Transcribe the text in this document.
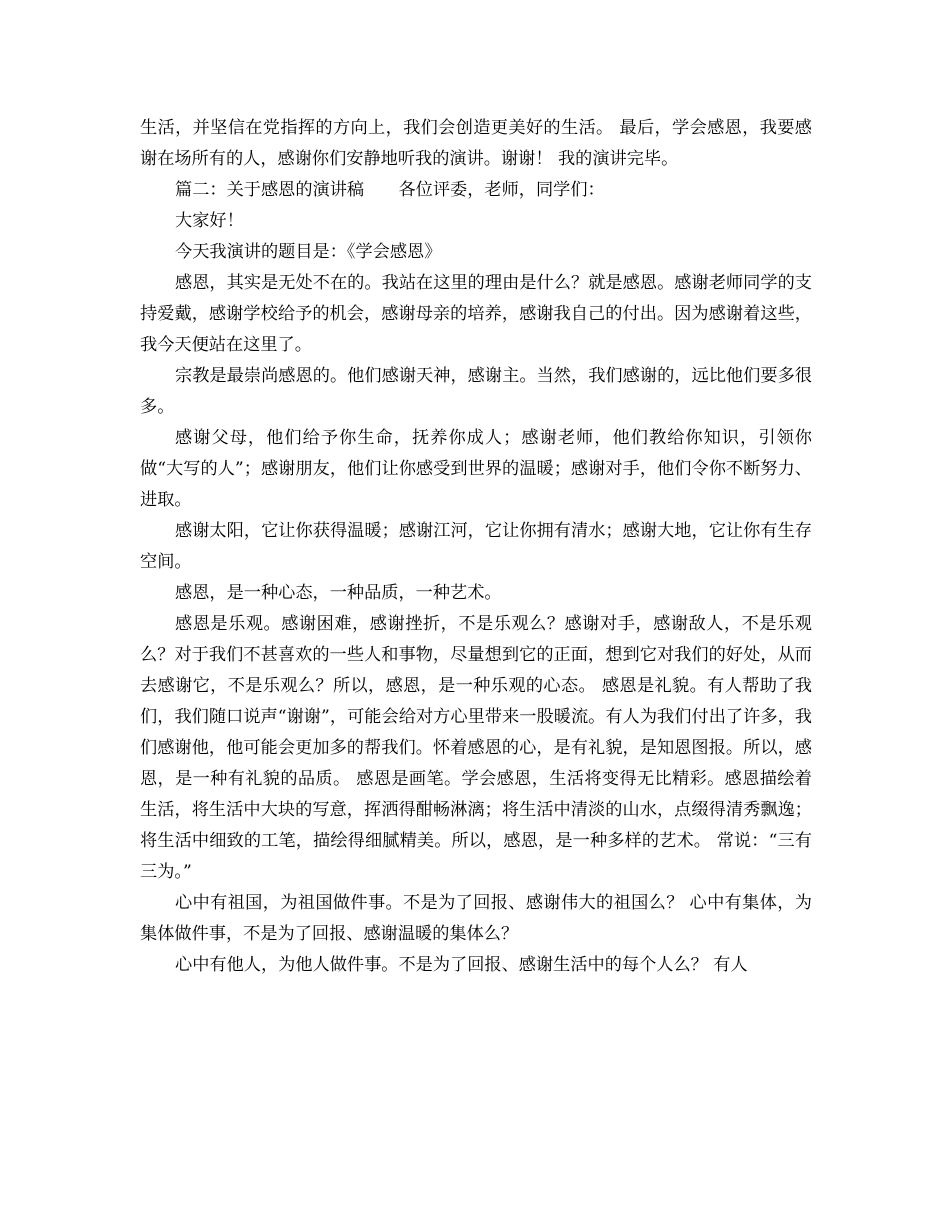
生活，并坚信在党指挥的方向上，我们会创造更美好的生活。 最后，学会感恩，我要感谢在场所有的人，感谢你们安静地听我的演讲。谢谢！ 我的演讲完毕。

篇二：关于感恩的演讲稿　　各位评委，老师，同学们：

大家好！

今天我演讲的题目是：《学会感恩》

感恩，其实是无处不在的。我站在这里的理由是什么？就是感恩。感谢老师同学的支持爱戴，感谢学校给予的机会，感谢母亲的培养，感谢我自己的付出。因为感谢着这些，我今天便站在这里了。

宗教是最崇尚感恩的。他们感谢天神，感谢主。当然，我们感谢的，远比他们要多很多。

感谢父母，他们给予你生命，抚养你成人；感谢老师，他们教给你知识，引领你做“大写的人”；感谢朋友，他们让你感受到世界的温暖；感谢对手，他们令你不断努力、进取。

感谢太阳，它让你获得温暖；感谢江河，它让你拥有清水；感谢大地，它让你有生存空间。

感恩，是一种心态，一种品质，一种艺术。

感恩是乐观。感谢困难，感谢挫折，不是乐观么？感谢对手，感谢敌人，不是乐观么？对于我们不甚喜欢的一些人和事物，尽量想到它的正面，想到它对我们的好处，从而去感谢它，不是乐观么？所以，感恩，是一种乐观的心态。 感恩是礼貌。有人帮助了我们，我们随口说声“谢谢”，可能会给对方心里带来一股暖流。有人为我们付出了许多，我们感谢他，他可能会更加多的帮我们。怀着感恩的心，是有礼貌，是知恩图报。所以，感恩，是一种有礼貌的品质。 感恩是画笔。学会感恩，生活将变得无比精彩。感恩描绘着生活，将生活中大块的写意，挥洒得酣畅淋漓；将生活中清淡的山水，点缀得清秀飘逸；将生活中细致的工笔，描绘得细腻精美。所以，感恩，是一种多样的艺术。 常说：“三有三为。”

心中有祖国，为祖国做件事。不是为了回报、感谢伟大的祖国么？ 心中有集体，为集体做件事，不是为了回报、感谢温暖的集体么？

心中有他人，为他人做件事。不是为了回报、感谢生活中的每个人么？ 有人
